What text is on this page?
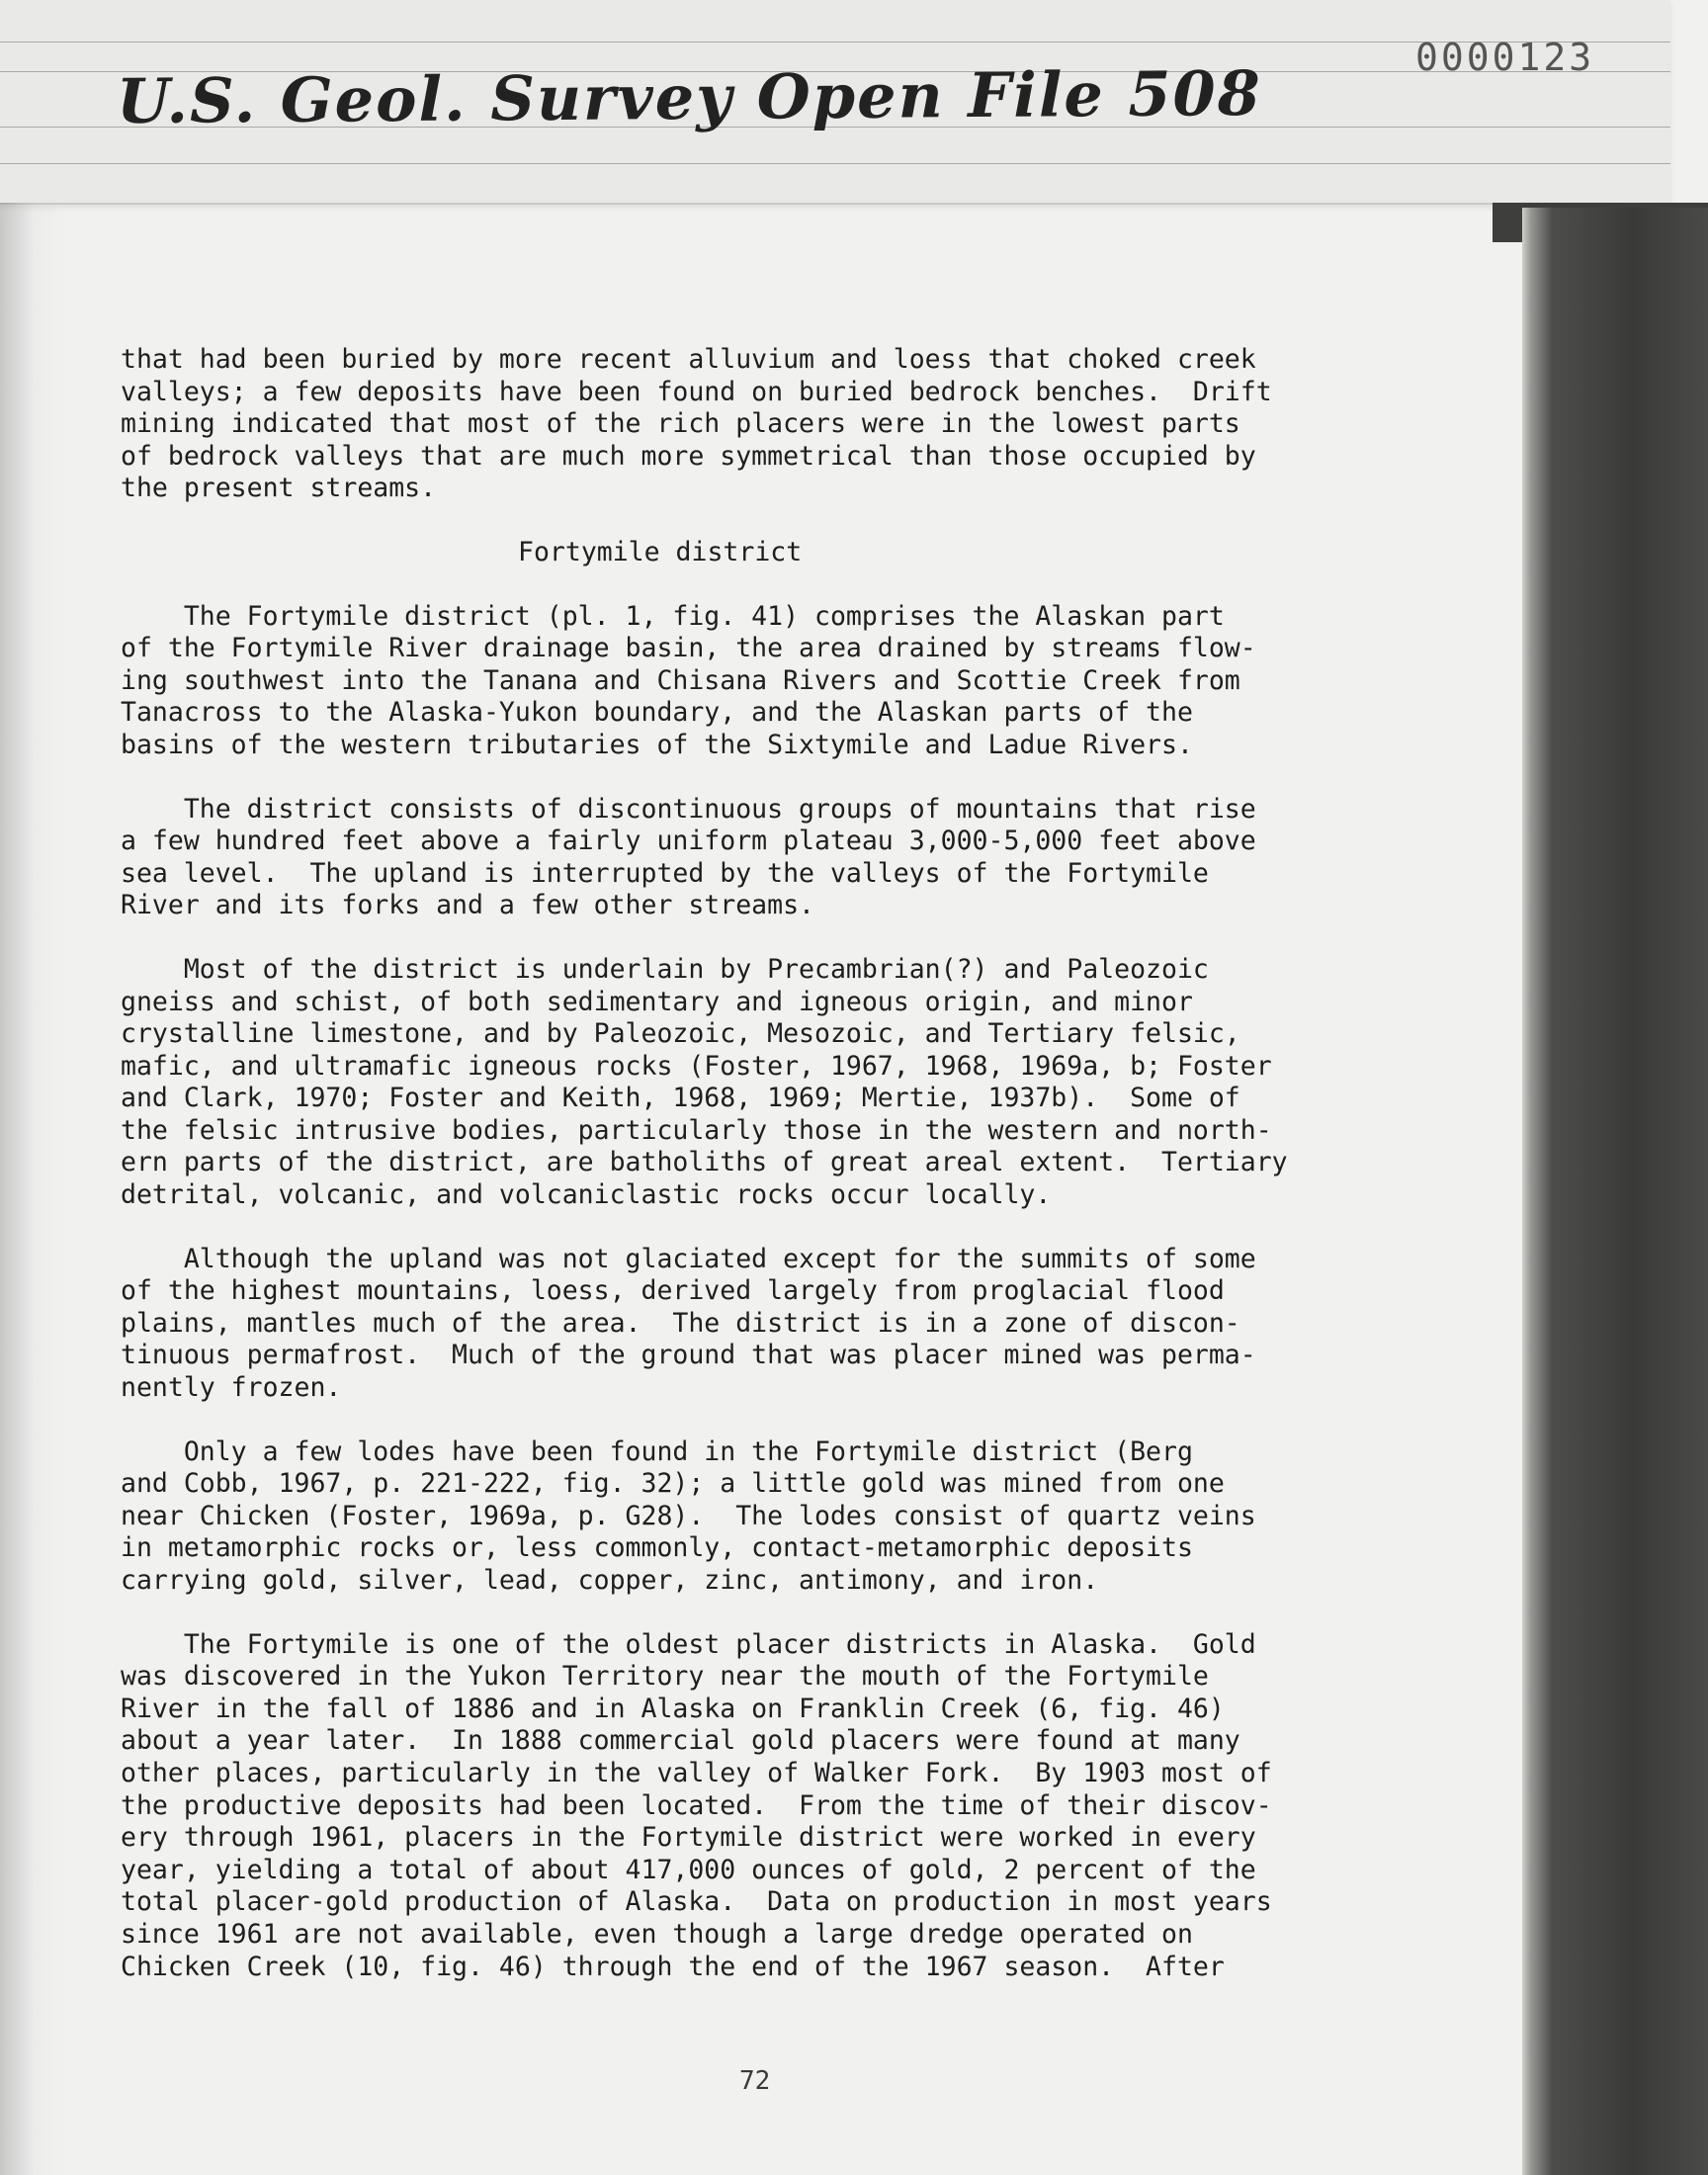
U.S. Geol. Survey Open File 508	0000123

that had been buried by more recent alluvium and loess that choked creek
valleys; a few deposits have been found on buried bedrock benches.  Drift
mining indicated that most of the rich placers were in the lowest parts
of bedrock valleys that are much more symmetrical than those occupied by
the present streams.

Fortymile district

The Fortymile district (pl. 1, fig. 41) comprises the Alaskan part
of the Fortymile River drainage basin, the area drained by streams flow-
ing southwest into the Tanana and Chisana Rivers and Scottie Creek from
Tanacross to the Alaska-Yukon boundary, and the Alaskan parts of the
basins of the western tributaries of the Sixtymile and Ladue Rivers.

The district consists of discontinuous groups of mountains that rise
a few hundred feet above a fairly uniform plateau 3,000-5,000 feet above
sea level.  The upland is interrupted by the valleys of the Fortymile
River and its forks and a few other streams.

Most of the district is underlain by Precambrian(?) and Paleozoic
gneiss and schist, of both sedimentary and igneous origin, and minor
crystalline limestone, and by Paleozoic, Mesozoic, and Tertiary felsic,
mafic, and ultramafic igneous rocks (Foster, 1967, 1968, 1969a, b; Foster
and Clark, 1970; Foster and Keith, 1968, 1969; Mertie, 1937b).  Some of
the felsic intrusive bodies, particularly those in the western and north-
ern parts of the district, are batholiths of great areal extent.  Tertiary
detrital, volcanic, and volcaniclastic rocks occur locally.

Although the upland was not glaciated except for the summits of some
of the highest mountains, loess, derived largely from proglacial flood
plains, mantles much of the area.  The district is in a zone of discon-
tinuous permafrost.  Much of the ground that was placer mined was perma-
nently frozen.

Only a few lodes have been found in the Fortymile district (Berg
and Cobb, 1967, p. 221-222, fig. 32); a little gold was mined from one
near Chicken (Foster, 1969a, p. G28).  The lodes consist of quartz veins
in metamorphic rocks or, less commonly, contact-metamorphic deposits
carrying gold, silver, lead, copper, zinc, antimony, and iron.

The Fortymile is one of the oldest placer districts in Alaska.  Gold
was discovered in the Yukon Territory near the mouth of the Fortymile
River in the fall of 1886 and in Alaska on Franklin Creek (6, fig. 46)
about a year later.  In 1888 commercial gold placers were found at many
other places, particularly in the valley of Walker Fork.  By 1903 most of
the productive deposits had been located.  From the time of their discov-
ery through 1961, placers in the Fortymile district were worked in every
year, yielding a total of about 417,000 ounces of gold, 2 percent of the
total placer-gold production of Alaska.  Data on production in most years
since 1961 are not available, even though a large dredge operated on
Chicken Creek (10, fig. 46) through the end of the 1967 season.  After

72
